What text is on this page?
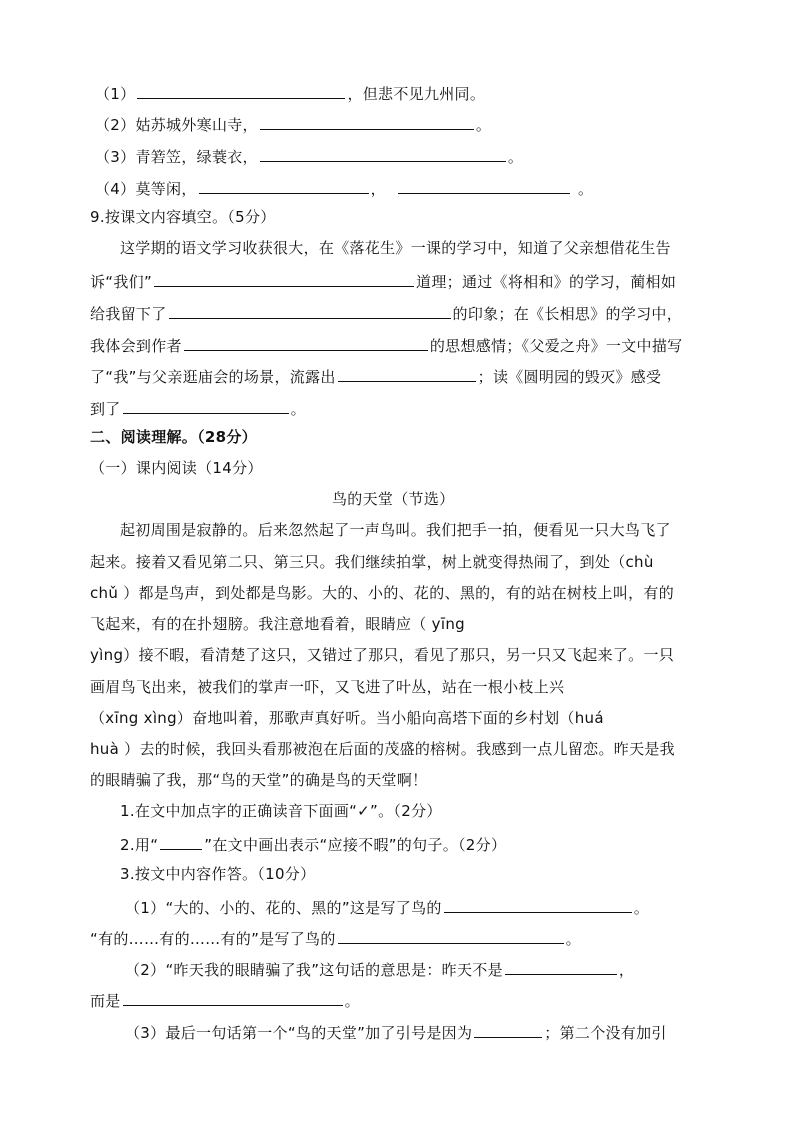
（1）	，但悲不见九州同。
（2）姑苏城外寒山寺，	。
（3）青箬笠，绿蓑衣，	。
（4）莫等闲，	，	。
9.按课文内容填空。（5分）
这学期的语文学习收获很大，在《落花生》一课的学习中，知道了父亲想借花生告
诉“我们”	道理；通过《将相和》的学习，蔺相如
给我留下了	的印象；在《长相思》的学习中，
我体会到作者	的思想感情；《父爱之舟》一文中描写
了“我”与父亲逛庙会的场景，流露出	；读《圆明园的毁灭》感受
到了	。
二、阅读理解。（28分）
（一）课内阅读（14分）
鸟的天堂（节选）
起初周围是寂静的。后来忽然起了一声鸟叫。我们把手一拍，便看见一只大鸟飞了
起来。接着又看见第二只、第三只。我们继续拍掌，树上就变得热闹了，到处（chù
chǔ ）都是鸟声，到处都是鸟影。大的、小的、花的、黑的，有的站在树枝上叫，有的
飞起来，有的在扑翅膀。我注意地看着，眼睛应（ yīng
yìng）接不暇，看清楚了这只，又错过了那只，看见了那只，另一只又飞起来了。一只
画眉鸟飞出来，被我们的掌声一吓，又飞进了叶丛，站在一根小枝上兴
（xīng xìng）奋地叫着，那歌声真好听。当小船向高塔下面的乡村划（huá
huà ）去的时候，我回头看那被泡在后面的茂盛的榕树。我感到一点儿留恋。昨天是我
的眼睛骗了我，那“鸟的天堂”的确是鸟的天堂啊！
1.在文中加点字的正确读音下面画“✓”。（2分）
2.用“	”在文中画出表示“应接不暇”的句子。（2分）
3.按文中内容作答。（10分）
（1）“大的、小的、花的、黑的”这是写了鸟的	。
“有的……有的……有的”是写了鸟的	。
（2）“昨天我的眼睛骗了我”这句话的意思是：昨天不是	，
而是	。
（3）最后一句话第一个“鸟的天堂”加了引号是因为	；第二个没有加引
